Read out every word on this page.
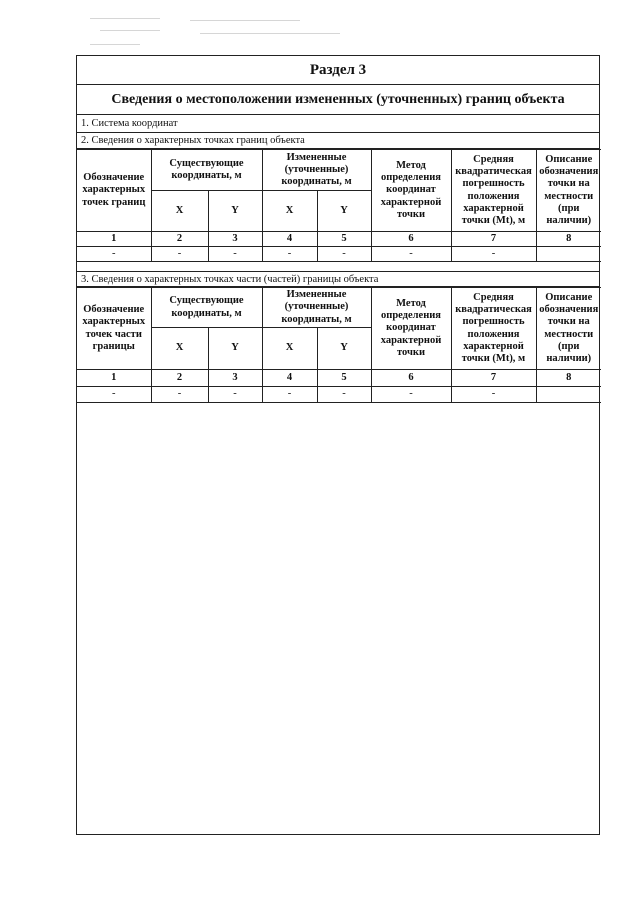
Раздел 3
Сведения о местоположении измененных (уточненных) границ объекта
1. Система координат
2. Сведения о характерных точках границ объекта
Обозначение характерных точек границ	Существующие координаты, м		Измененные (уточненные) координаты, м		Метод определения координат характерной точки	Средняя квадратическая погрешность положения характерной точки (Mt), м	Описание обозначения точки на местности (при наличии)
	X	Y	X	Y			
1	2	3	4	5	6	7	8
-	-	-	-	-	-	-	
3. Сведения о характерных точках части (частей) границы объекта
Обозначение характерных точек части границы	Существующие координаты, м		Измененные (уточненные) координаты, м		Метод определения координат характерной точки	Средняя квадратическая погрешность положения характерной точки (Mt), м	Описание обозначения точки на местности (при наличии)
	X	Y	X	Y			
1	2	3	4	5	6	7	8
-	-	-	-	-	-	-	
